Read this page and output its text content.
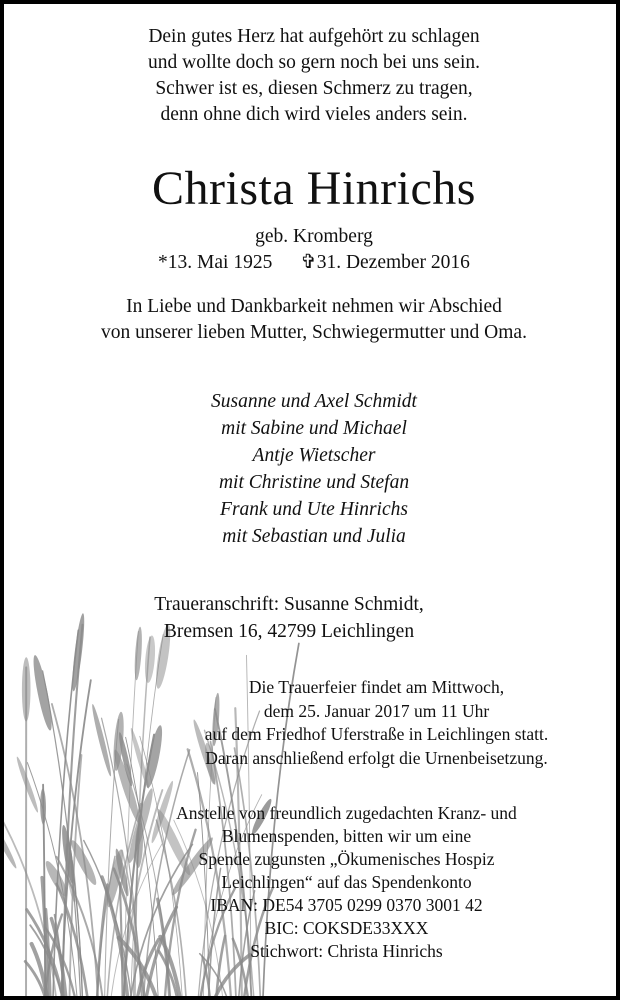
Dein gutes Herz hat aufgehört zu schlagen
und wollte doch so gern noch bei uns sein.
Schwer ist es, diesen Schmerz zu tragen,
denn ohne dich wird vieles anders sein.
Christa Hinrichs
geb. Kromberg
*13. Mai 1925 ✞31. Dezember 2016
In Liebe und Dankbarkeit nehmen wir Abschied
von unserer lieben Mutter, Schwiegermutter und Oma.
Susanne und Axel Schmidt
mit Sabine und Michael
Antje Wietscher
mit Christine und Stefan
Frank und Ute Hinrichs
mit Sebastian und Julia
Traueranschrift: Susanne Schmidt,
Bremsen 16, 42799 Leichlingen
Die Trauerfeier findet am Mittwoch,
dem 25. Januar 2017 um 11 Uhr
auf dem Friedhof Uferstraße in Leichlingen statt.
Daran anschließend erfolgt die Urnenbeisetzung.
Anstelle von freundlich zugedachten Kranz- und
Blumenspenden, bitten wir um eine
Spende zugunsten „Ökumenisches Hospiz
Leichlingen“ auf das Spendenkonto
IBAN: DE54 3705 0299 0370 3001 42
BIC: COKSDE33XXX
Stichwort: Christa Hinrichs
